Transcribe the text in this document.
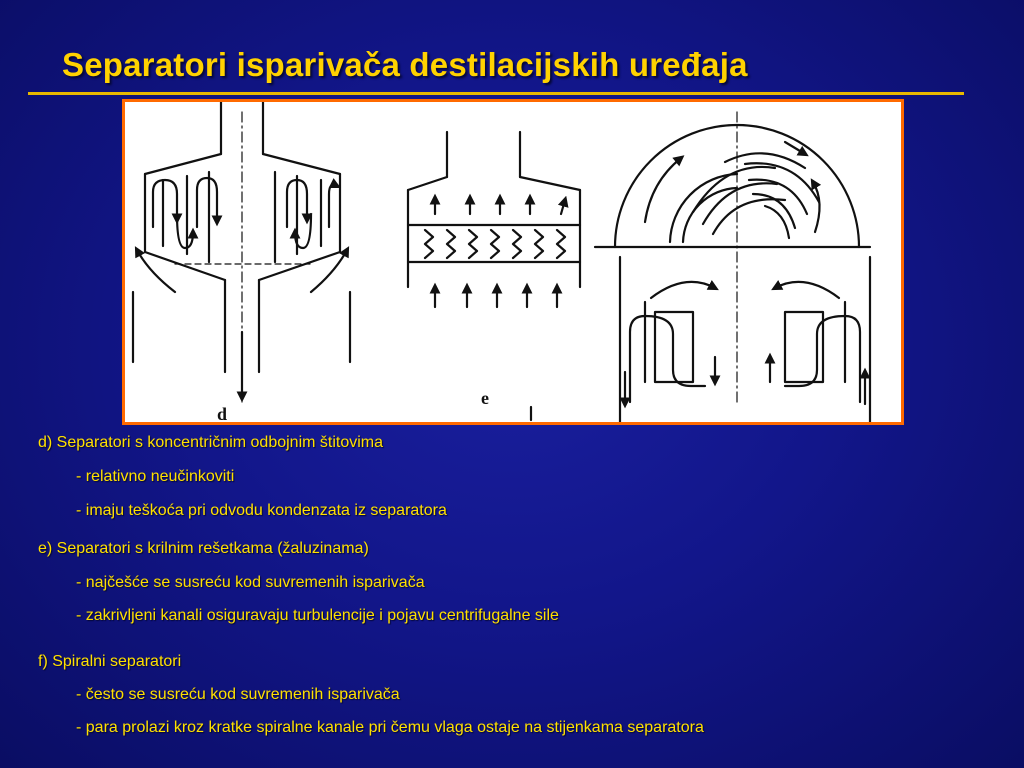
Separatori isparivača destilacijskih uređaja
d
e
d) Separatori s koncentričnim odbojnim štitovima
- relativno neučinkoviti
- imaju teškoća pri odvodu kondenzata iz separatora
e) Separatori s krilnim rešetkama (žaluzinama)
- najčešće se susreću kod suvremenih isparivača
- zakrivljeni kanali osiguravaju turbulencije i pojavu centrifugalne sile
f) Spiralni separatori
- često se susreću kod suvremenih isparivača
- para prolazi kroz kratke spiralne kanale pri čemu vlaga ostaje na stijenkama separatora
